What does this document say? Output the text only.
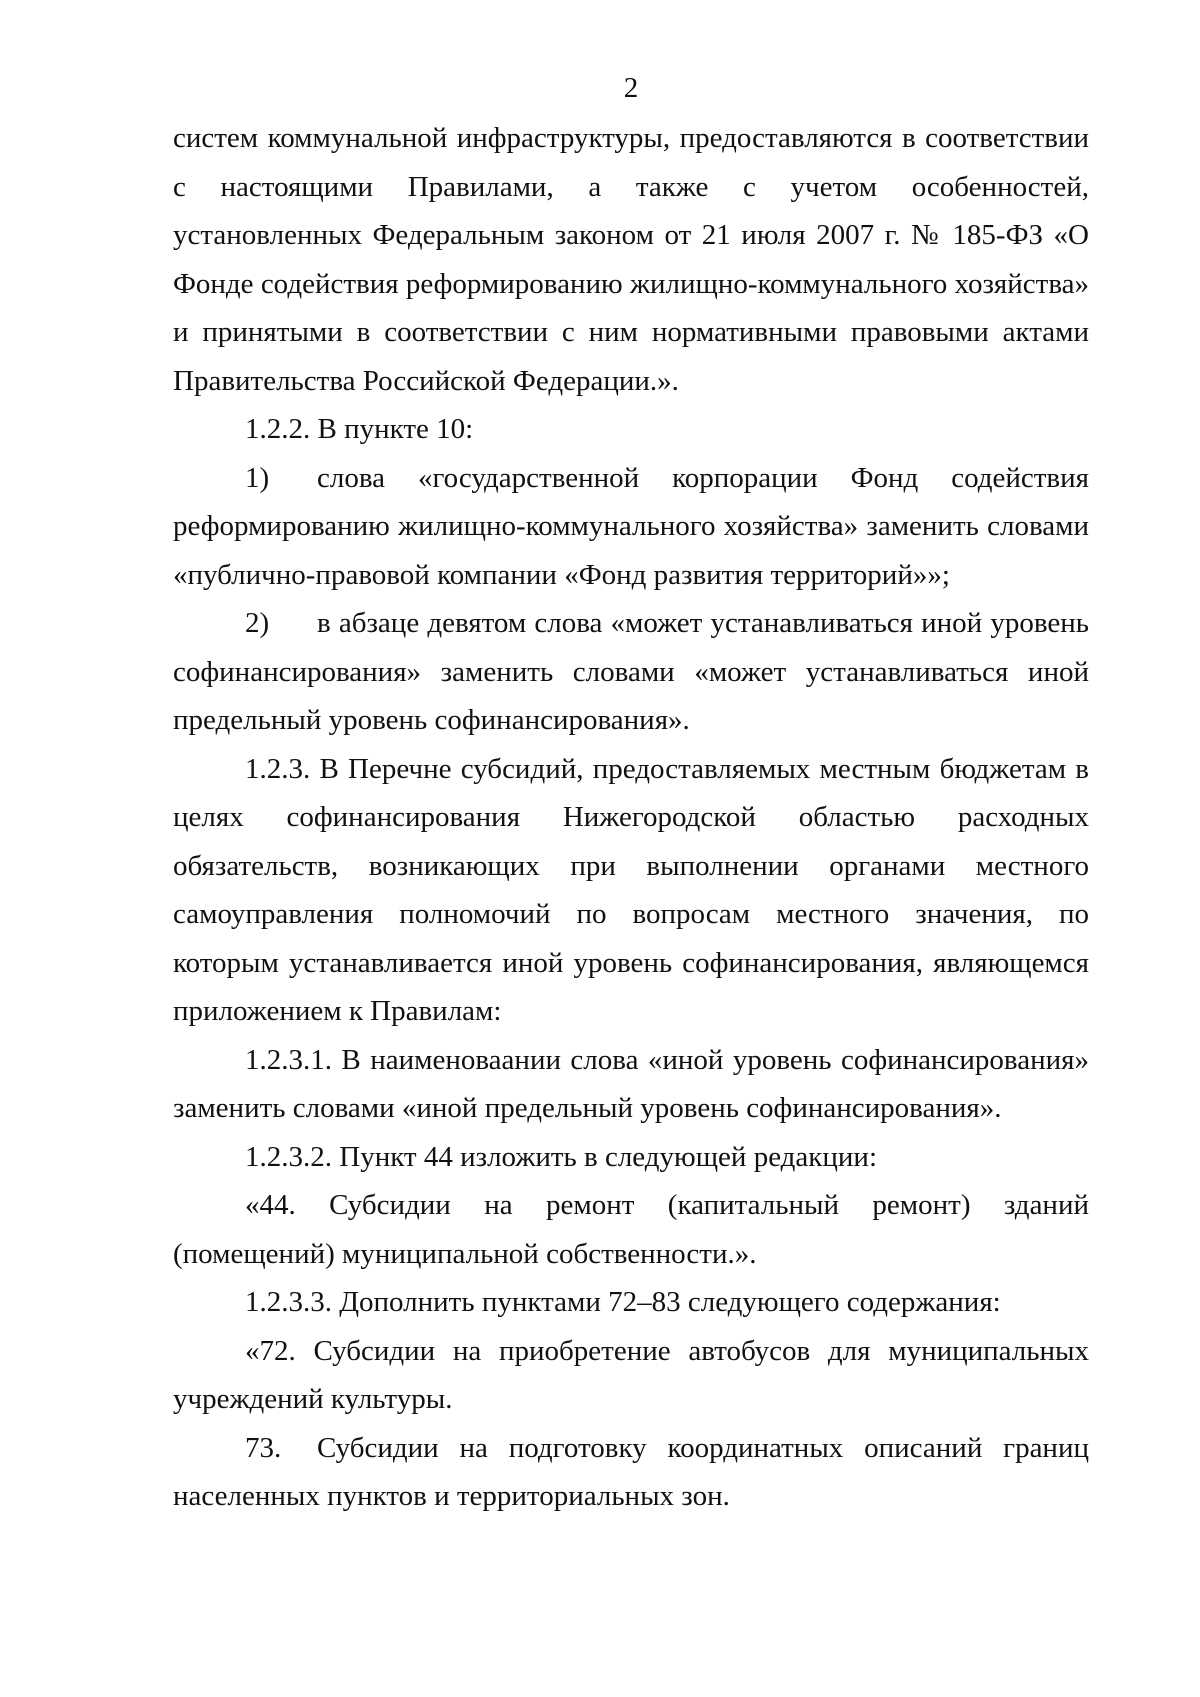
2

систем коммунальной инфраструктуры, предоставляются в соответствии с настоящими Правилами, а также с учетом особенностей, установленных Федеральным законом от 21 июля 2007 г. № 185-ФЗ «О Фонде содействия реформированию жилищно-коммунального хозяйства» и принятыми в соответствии с ним нормативными правовыми актами Правительства Российской Федерации.».

1.2.2. В пункте 10:

1) слова «государственной корпорации Фонд содействия реформированию жилищно-коммунального хозяйства» заменить словами «публично-правовой компании «Фонд развития территорий»»;

2) в абзаце девятом слова «может устанавливаться иной уровень софинансирования» заменить словами «может устанавливаться иной предельный уровень софинансирования».

1.2.3. В Перечне субсидий, предоставляемых местным бюджетам в целях софинансирования Нижегородской областью расходных обязательств, возникающих при выполнении органами местного самоуправления полномочий по вопросам местного значения, по которым устанавливается иной уровень софинансирования, являющемся приложением к Правилам:

1.2.3.1. В наименоваании слова «иной уровень софинансирования» заменить словами «иной предельный уровень софинансирования».

1.2.3.2. Пункт 44 изложить в следующей редакции:

«44. Субсидии на ремонт (капитальный ремонт) зданий (помещений) муниципальной собственности.».

1.2.3.3. Дополнить пунктами 72–83 следующего содержания:

«72. Субсидии на приобретение автобусов для муниципальных учреждений культуры.

73. Субсидии на подготовку координатных описаний границ населенных пунктов и территориальных зон.
